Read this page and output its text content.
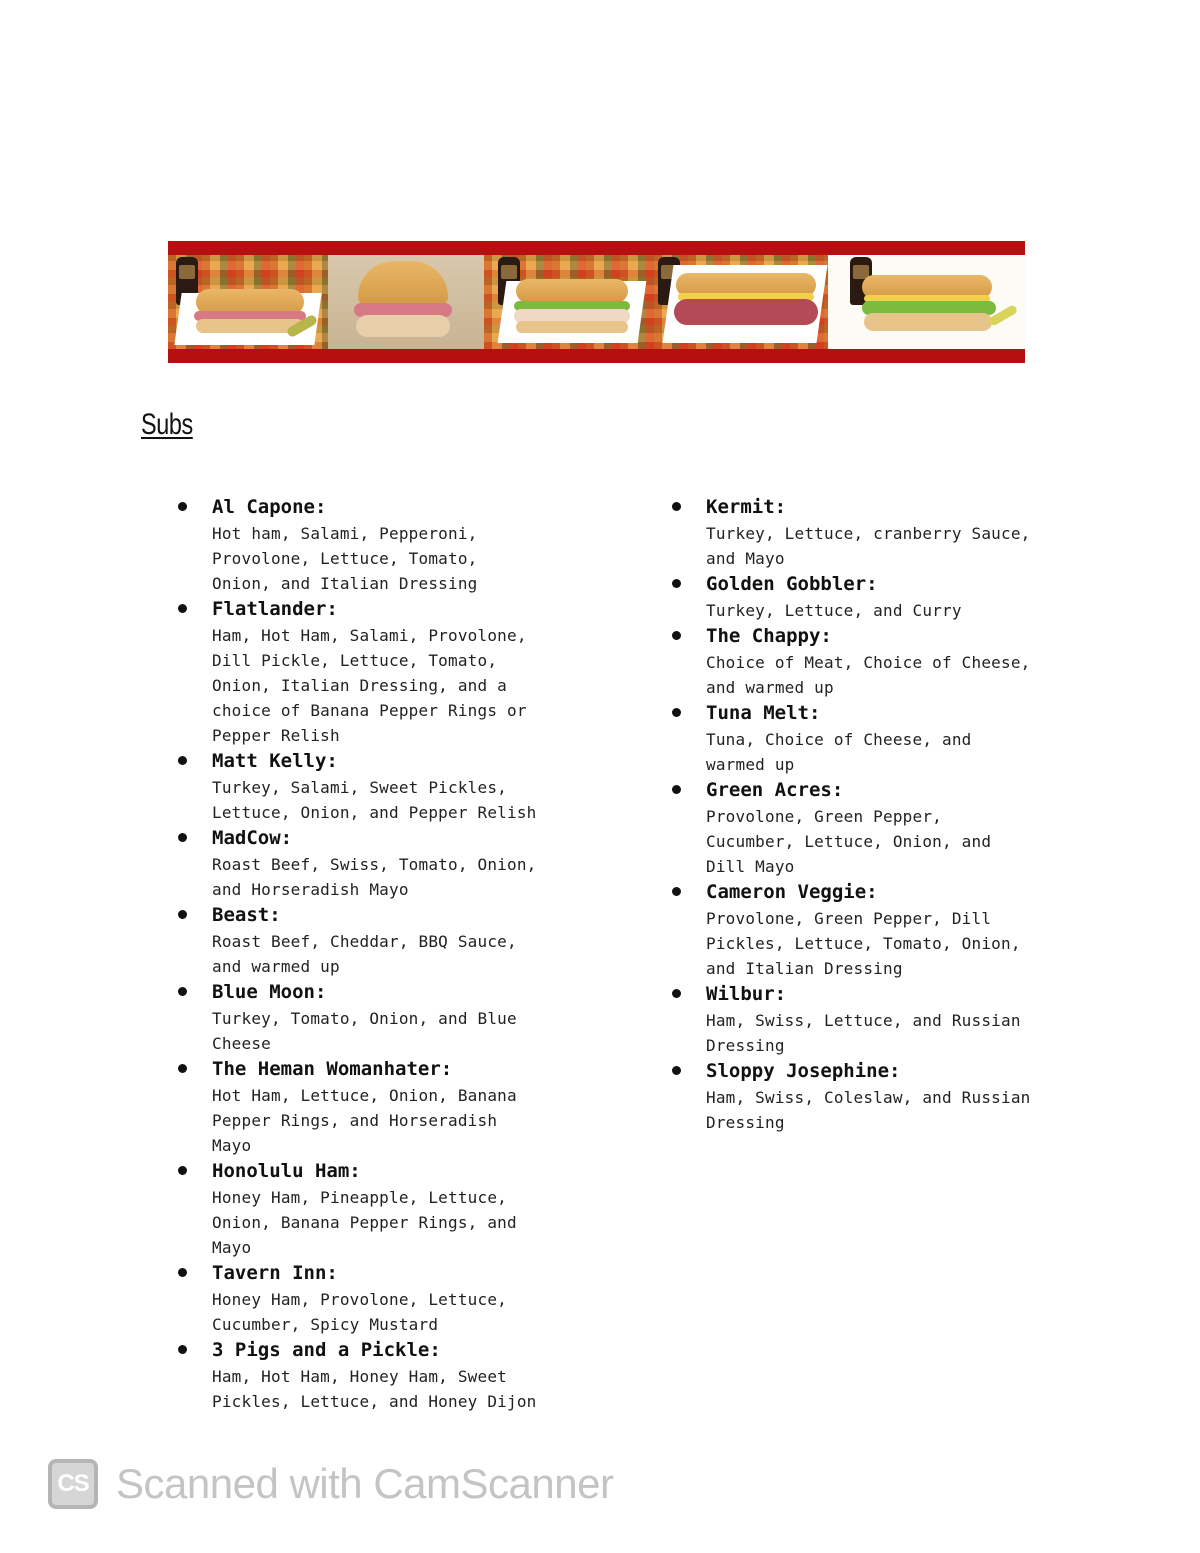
Subs
Al Capone:
Hot ham, Salami, Pepperoni,
Provolone, Lettuce, Tomato,
Onion, and Italian Dressing
Flatlander:
Ham, Hot Ham, Salami, Provolone,
Dill Pickle, Lettuce, Tomato,
Onion, Italian Dressing, and a
choice of Banana Pepper Rings or
Pepper Relish
Matt Kelly:
Turkey, Salami, Sweet Pickles,
Lettuce, Onion, and Pepper Relish
MadCow:
Roast Beef, Swiss, Tomato, Onion,
and Horseradish Mayo
Beast:
Roast Beef, Cheddar, BBQ Sauce,
and warmed up
Blue Moon:
Turkey, Tomato, Onion, and Blue
Cheese
The Heman Womanhater:
Hot Ham, Lettuce, Onion, Banana
Pepper Rings, and Horseradish
Mayo
Honolulu Ham:
Honey Ham, Pineapple, Lettuce,
Onion, Banana Pepper Rings, and
Mayo
Tavern Inn:
Honey Ham, Provolone, Lettuce,
Cucumber, Spicy Mustard
3 Pigs and a Pickle:
Ham, Hot Ham, Honey Ham, Sweet
Pickles, Lettuce, and Honey Dijon
Kermit:
Turkey, Lettuce, cranberry Sauce,
and Mayo
Golden Gobbler:
Turkey, Lettuce, and Curry
The Chappy:
Choice of Meat, Choice of Cheese,
and warmed up
Tuna Melt:
Tuna, Choice of Cheese, and
warmed up
Green Acres:
Provolone, Green Pepper,
Cucumber, Lettuce, Onion, and
Dill Mayo
Cameron Veggie:
Provolone, Green Pepper, Dill
Pickles, Lettuce, Tomato, Onion,
and Italian Dressing
Wilbur:
Ham, Swiss, Lettuce, and Russian
Dressing
Sloppy Josephine:
Ham, Swiss, Coleslaw, and Russian
Dressing
CS Scanned with CamScanner
